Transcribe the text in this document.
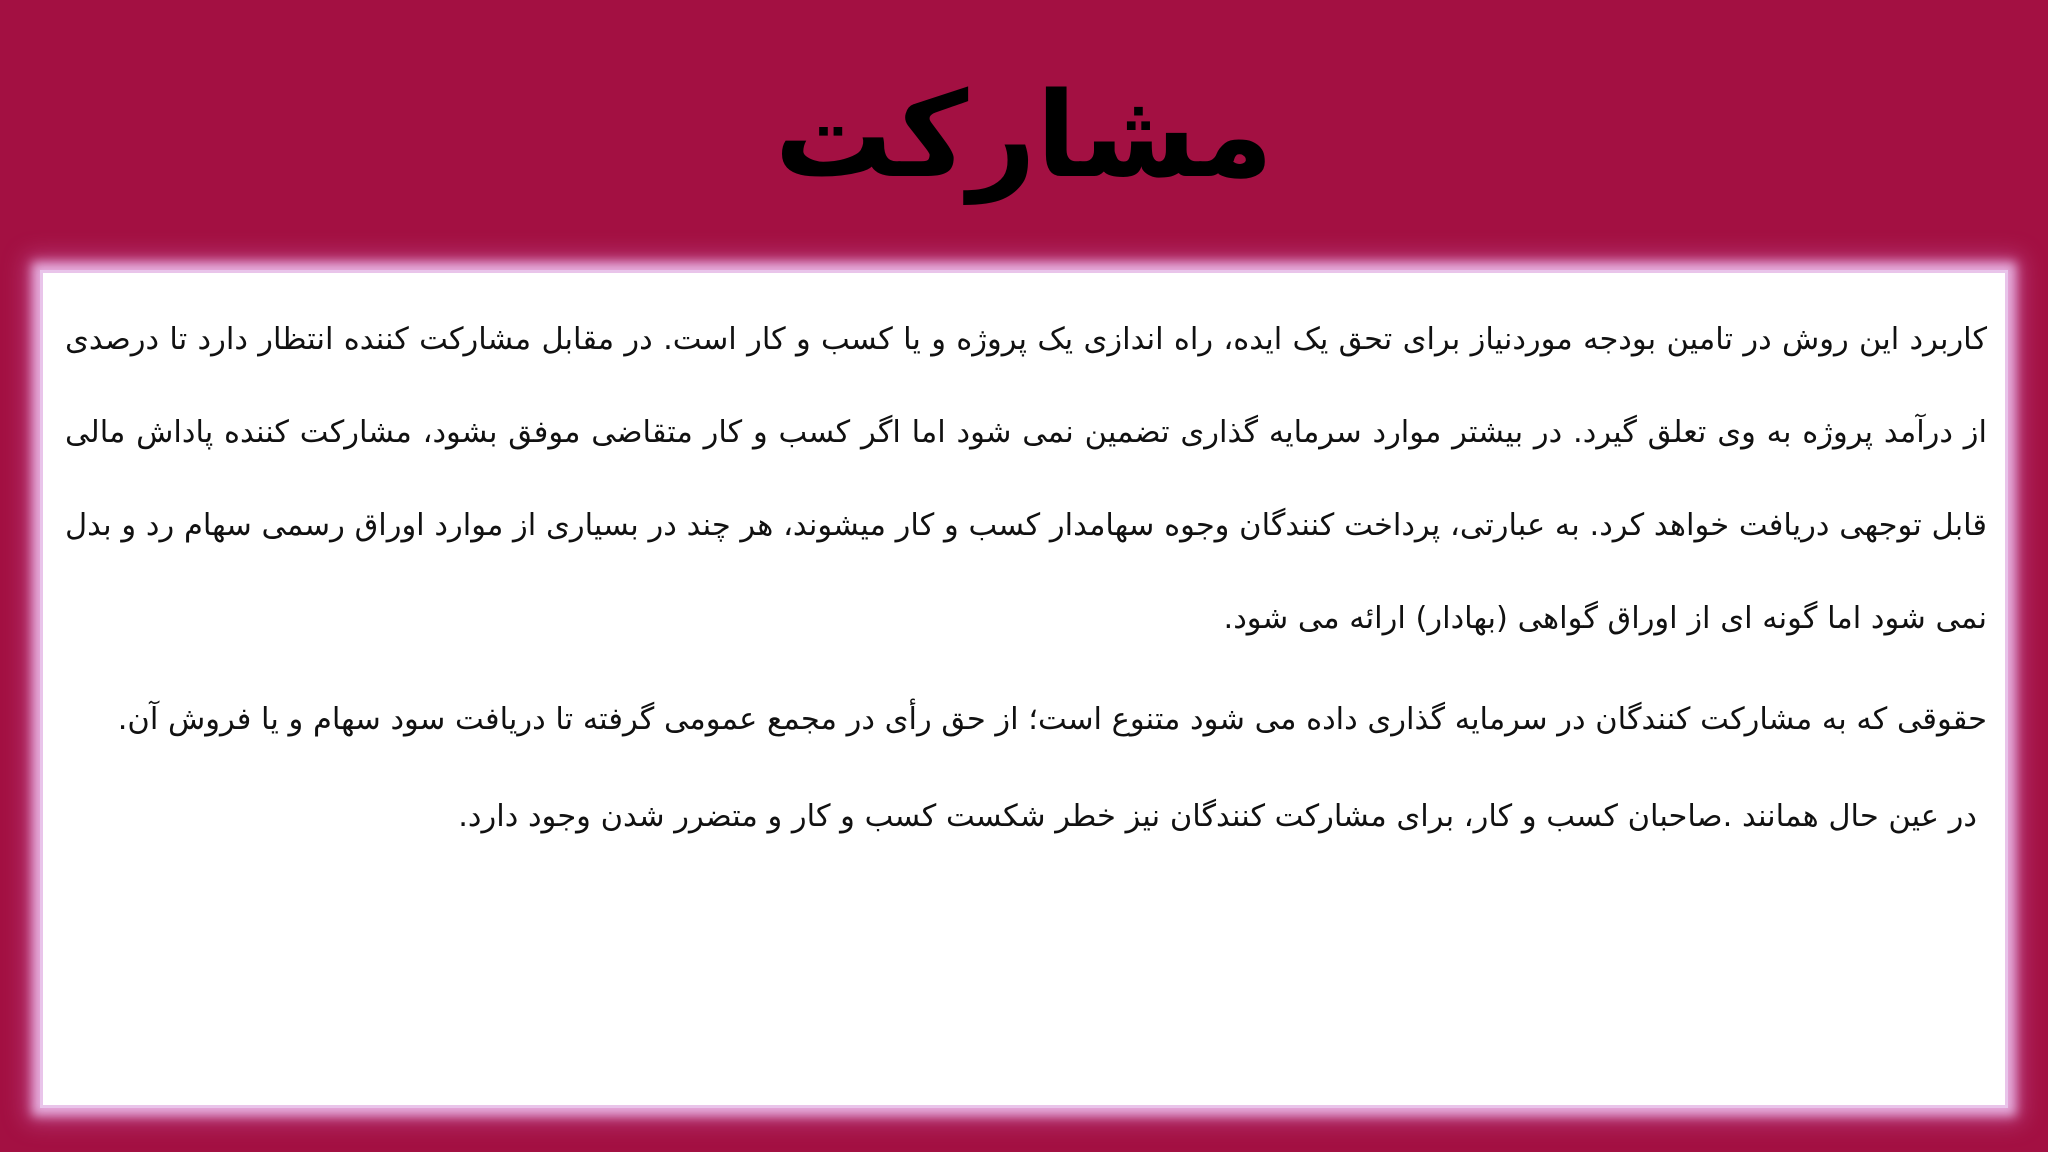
مشارکت

کاربرد این روش در تامین بودجه موردنیاز برای تحق یک ایده، راه اندازی یک پروژه و یا کسب و کار است. در مقابل مشارکت کننده انتظار دارد تا درصدی از درآمد پروژه به وی تعلق گیرد. در بیشتر موارد سرمایه گذاری تضمین نمی شود اما اگر کسب و کار متقاضی موفق بشود، مشارکت کننده پاداش مالی قابل توجهی دریافت خواهد کرد. به عبارتی، پرداخت کنندگان وجوه سهامدار کسب و کار میشوند، هر چند در بسیاری از موارد اوراق رسمی سهام رد و بدل نمی شود اما گونه ای از اوراق گواهی (بهادار) ارائه می شود.

حقوقی که به مشارکت کنندگان در سرمایه گذاری داده می شود متنوع است؛ از حق رأی در مجمع عمومی گرفته تا دریافت سود سهام و یا فروش آن.

در عین حال همانند .صاحبان کسب و کار، برای مشارکت کنندگان نیز خطر شکست کسب و کار و متضرر شدن وجود دارد.
